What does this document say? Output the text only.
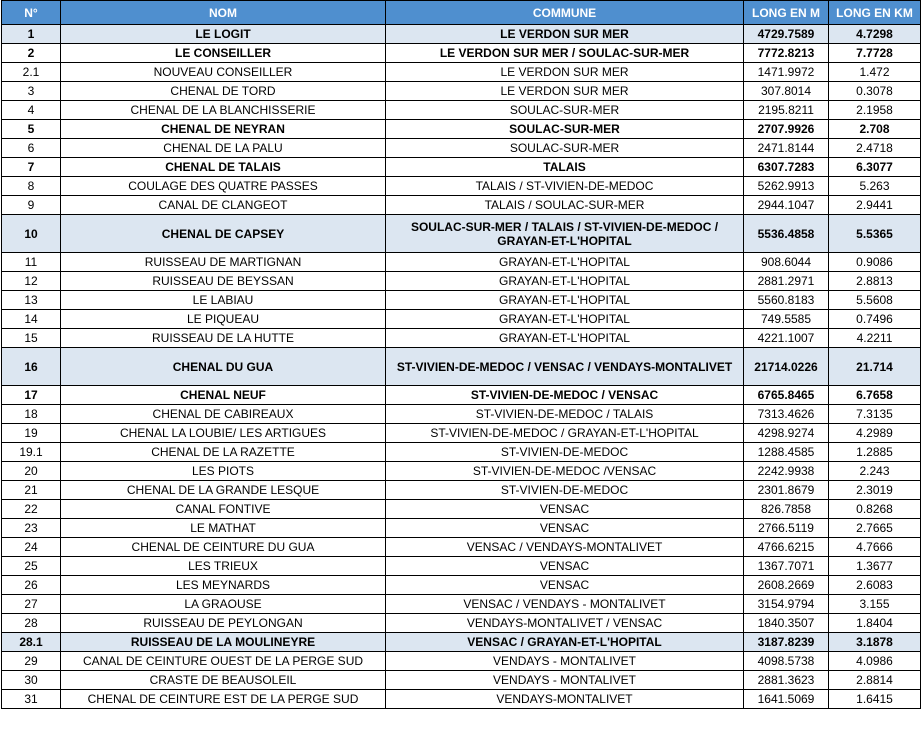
N°	NOM	COMMUNE	LONG EN M	LONG EN KM
1	LE LOGIT	LE VERDON SUR MER	4729.7589	4.7298
2	LE CONSEILLER	LE VERDON SUR MER / SOULAC-SUR-MER	7772.8213	7.7728
2.1	NOUVEAU CONSEILLER	LE VERDON SUR MER	1471.9972	1.472
3	CHENAL DE TORD	LE VERDON SUR MER	307.8014	0.3078
4	CHENAL DE LA BLANCHISSERIE	SOULAC-SUR-MER	2195.8211	2.1958
5	CHENAL DE NEYRAN	SOULAC-SUR-MER	2707.9926	2.708
6	CHENAL DE LA PALU	SOULAC-SUR-MER	2471.8144	2.4718
7	CHENAL DE TALAIS	TALAIS	6307.7283	6.3077
8	COULAGE DES QUATRE PASSES	TALAIS / ST-VIVIEN-DE-MEDOC	5262.9913	5.263
9	CANAL DE CLANGEOT	TALAIS / SOULAC-SUR-MER	2944.1047	2.9441
10	CHENAL DE CAPSEY	SOULAC-SUR-MER / TALAIS / ST-VIVIEN-DE-MEDOC / GRAYAN-ET-L'HOPITAL	5536.4858	5.5365
11	RUISSEAU DE MARTIGNAN	GRAYAN-ET-L'HOPITAL	908.6044	0.9086
12	RUISSEAU DE BEYSSAN	GRAYAN-ET-L'HOPITAL	2881.2971	2.8813
13	LE LABIAU	GRAYAN-ET-L'HOPITAL	5560.8183	5.5608
14	LE PIQUEAU	GRAYAN-ET-L'HOPITAL	749.5585	0.7496
15	RUISSEAU DE LA HUTTE	GRAYAN-ET-L'HOPITAL	4221.1007	4.2211
16	CHENAL DU GUA	ST-VIVIEN-DE-MEDOC / VENSAC / VENDAYS-MONTALIVET	21714.0226	21.714
17	CHENAL NEUF	ST-VIVIEN-DE-MEDOC / VENSAC	6765.8465	6.7658
18	CHENAL DE CABIREAUX	ST-VIVIEN-DE-MEDOC / TALAIS	7313.4626	7.3135
19	CHENAL LA LOUBIE/ LES ARTIGUES	ST-VIVIEN-DE-MEDOC / GRAYAN-ET-L'HOPITAL	4298.9274	4.2989
19.1	CHENAL DE LA RAZETTE	ST-VIVIEN-DE-MEDOC	1288.4585	1.2885
20	LES PIOTS	ST-VIVIEN-DE-MEDOC /VENSAC	2242.9938	2.243
21	CHENAL DE LA GRANDE LESQUE	ST-VIVIEN-DE-MEDOC	2301.8679	2.3019
22	CANAL FONTIVE	VENSAC	826.7858	0.8268
23	LE MATHAT	VENSAC	2766.5119	2.7665
24	CHENAL DE CEINTURE DU GUA	VENSAC / VENDAYS-MONTALIVET	4766.6215	4.7666
25	LES TRIEUX	VENSAC	1367.7071	1.3677
26	LES MEYNARDS	VENSAC	2608.2669	2.6083
27	LA GRAOUSE	VENSAC / VENDAYS - MONTALIVET	3154.9794	3.155
28	RUISSEAU DE PEYLONGAN	VENDAYS-MONTALIVET / VENSAC	1840.3507	1.8404
28.1	RUISSEAU DE LA MOULINEYRE	VENSAC / GRAYAN-ET-L'HOPITAL	3187.8239	3.1878
29	CANAL DE CEINTURE OUEST DE LA PERGE SUD	VENDAYS - MONTALIVET	4098.5738	4.0986
30	CRASTE DE BEAUSOLEIL	VENDAYS - MONTALIVET	2881.3623	2.8814
31	CHENAL DE CEINTURE EST DE LA PERGE SUD	VENDAYS-MONTALIVET	1641.5069	1.6415
